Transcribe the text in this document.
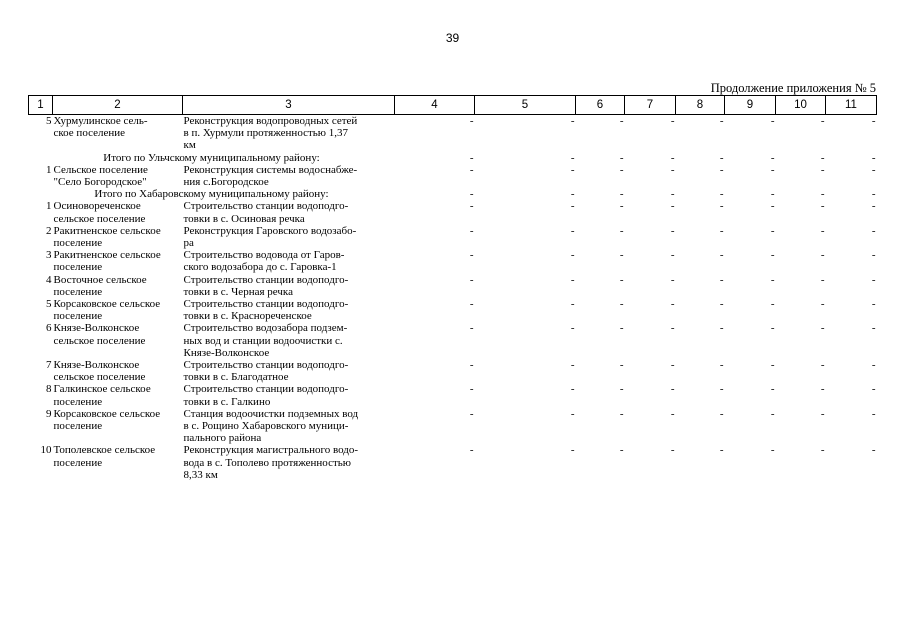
39
Продолжение приложения № 5
1	2	3	4	5	6	7	8	9	10	11
5	Хурмулинское сель-
ское поселение	Реконструкция водопроводных сетей
в п. Хурмули протяженностью 1,37
км	-	-	-	-	-	-	-	-
Итого по Ульчскому муниципальному району:			-	-	-	-	-	-	-	-
1	Сельское поселение
"Село Богородское"	Реконструкция системы водоснабже-
ния с.Богородское	-	-	-	-	-	-	-	-
Итого по Хабаровскому муниципальному району:			-	-	-	-	-	-	-	-
1	Осиновореченское
сельское поселение	Строительство станции водоподго-
товки в с. Осиновая речка	-	-	-	-	-	-	-	-
2	Ракитненское сельское
поселение	Реконструкция Гаровского водозабо-
ра	-	-	-	-	-	-	-	-
3	Ракитненское сельское
поселение	Строительство водовода от Гаров-
ского водозабора до с. Гаровка-1	-	-	-	-	-	-	-	-
4	Восточное сельское
поселение	Строительство станции водоподго-
товки в с. Черная речка	-	-	-	-	-	-	-	-
5	Корсаковское сельское
поселение	Строительство станции водоподго-
товки в с. Краснореченское	-	-	-	-	-	-	-	-
6	Князе-Волконское
сельское поселение	Строительство водозабора подзем-
ных вод и станции водоочистки с.
Князе-Волконское	-	-	-	-	-	-	-	-
7	Князе-Волконское
сельское поселение	Строительство станции водоподго-
товки в с. Благодатное	-	-	-	-	-	-	-	-
8	Галкинское сельское
поселение	Строительство станции водоподго-
товки в с. Галкино	-	-	-	-	-	-	-	-
9	Корсаковское сельское
поселение	Станция водоочистки подземных вод
в с. Рощино Хабаровского муници-
пального района	-	-	-	-	-	-	-	-
10	Тополевское сельское
поселение	Реконструкция магистрального водо-
вода в с. Тополево протяженностью
8,33 км	-	-	-	-	-	-	-	-
